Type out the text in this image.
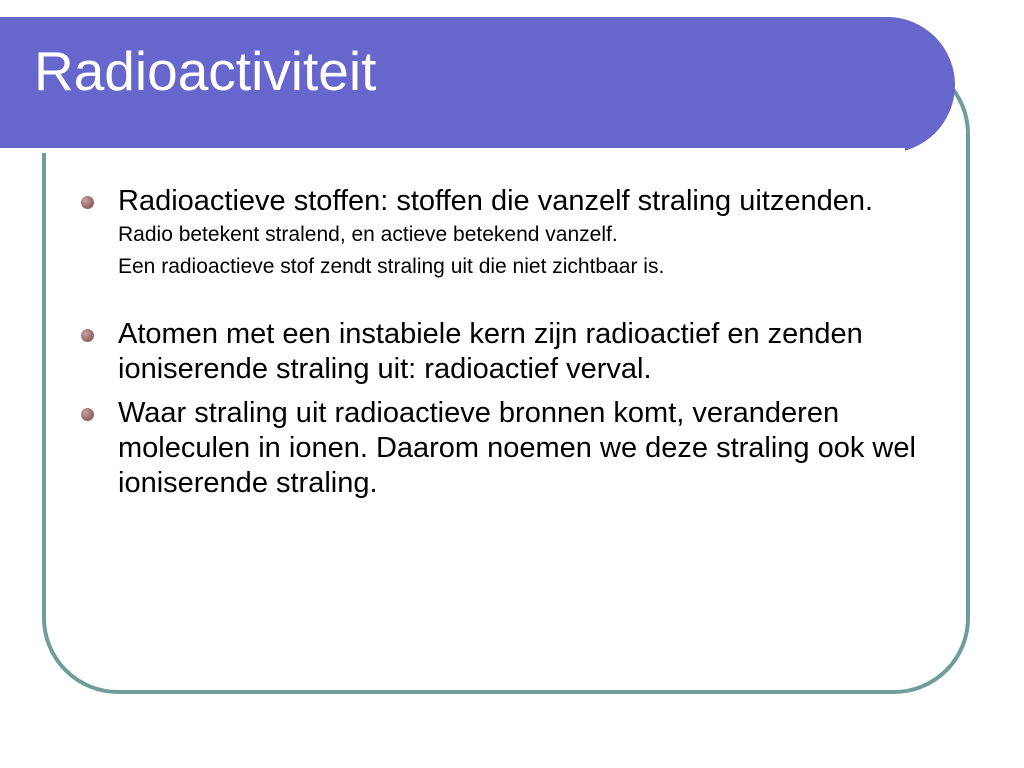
Radioactiviteit

Radioactieve stoffen: stoffen die vanzelf straling uitzenden.

Radio betekent stralend, en actieve betekend vanzelf.

Een radioactieve stof zendt straling uit die niet zichtbaar is.

Atomen met een instabiele kern zijn radioactief en zenden ioniserende straling uit: radioactief verval.

Waar straling uit radioactieve bronnen komt, veranderen moleculen in ionen. Daarom noemen we deze straling ook wel ioniserende straling.
